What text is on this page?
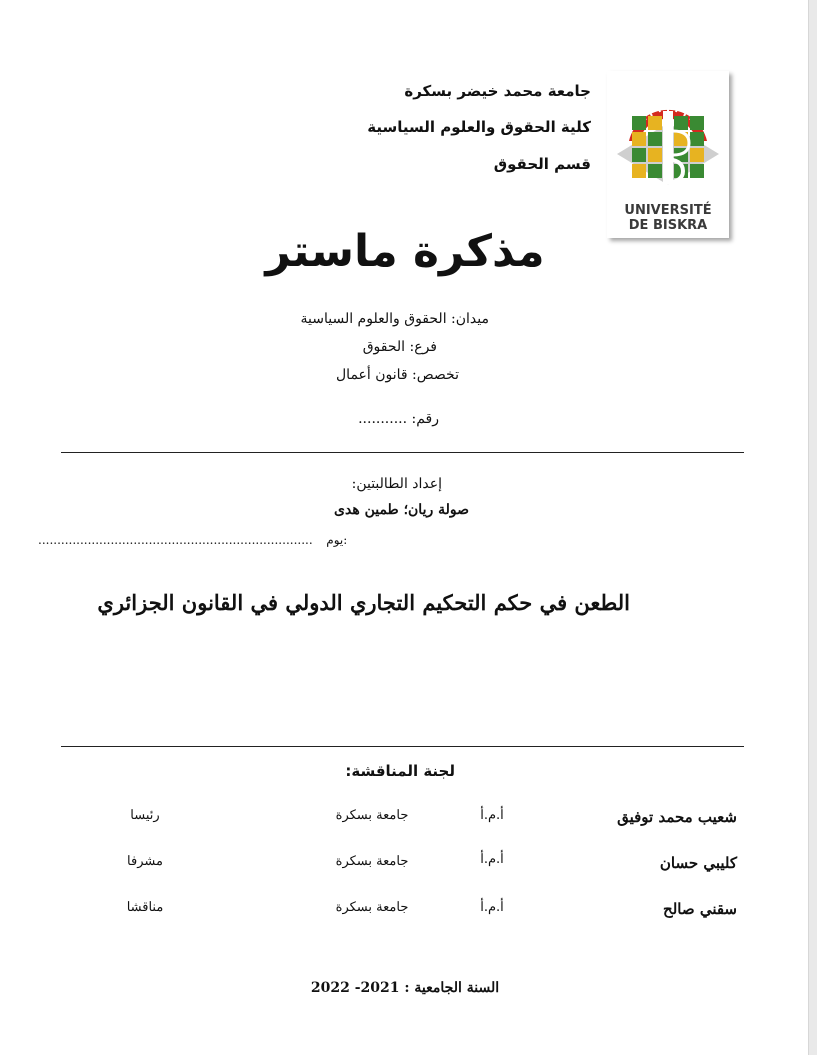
جامعة محمد خيضر بسكرة
كلية الحقوق والعلوم السياسية
قسم الحقوق
UNIVERSITÉ
DE BISKRA
مذكرة ماستر
ميدان: الحقوق والعلوم السياسية
فرع: الحقوق
تخصص: قانون أعمال
رقم: ...........
إعداد الطالبتين:
صولة ريان؛ طمين هدى
........................................................................ يوم:
الطعن في حكم التحكيم التجاري الدولي في القانون الجزائري
لجنة المناقشة:
شعيب محمد توفيق
أ.م.أ
جامعة بسكرة
رئيسا
كليبي حسان
أ.م.أ
جامعة بسكرة
مشرفا
سقني صالح
أ.م.أ
جامعة بسكرة
مناقشا
السنة الجامعية : 2021- 2022
